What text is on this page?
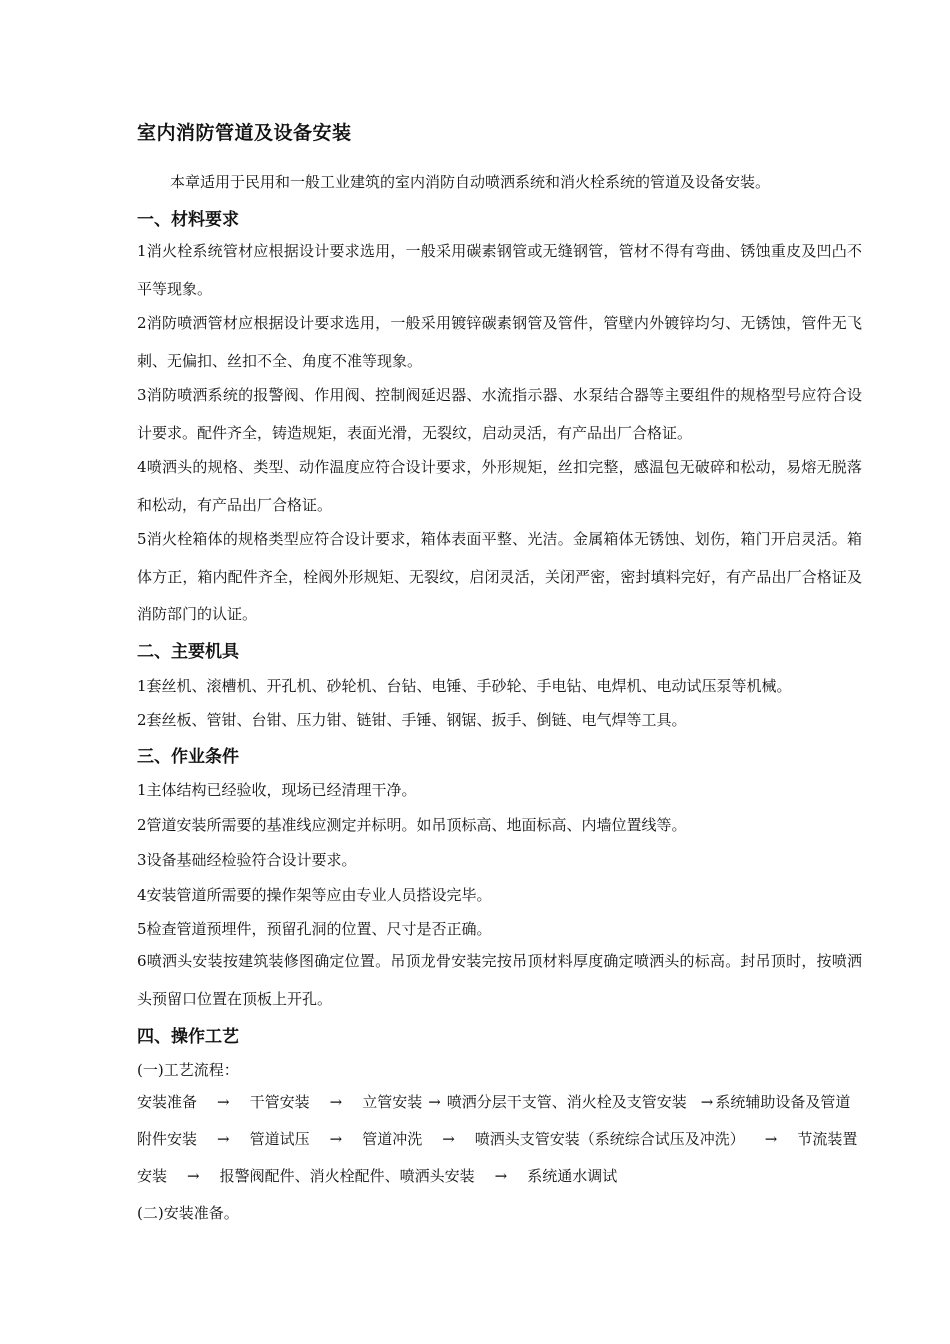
室内消防管道及设备安装

本章适用于民用和一般工业建筑的室内消防自动喷洒系统和消火栓系统的管道及设备安装。

一、材料要求

1消火栓系统管材应根据设计要求选用，一般采用碳素钢管或无缝钢管，管材不得有弯曲、锈蚀重皮及凹凸不平等现象。

2消防喷洒管材应根据设计要求选用，一般采用镀锌碳素钢管及管件，管壁内外镀锌均匀、无锈蚀，管件无飞刺、无偏扣、丝扣不全、角度不准等现象。

3消防喷洒系统的报警阀、作用阀、控制阀延迟器、水流指示器、水泵结合器等主要组件的规格型号应符合设计要求。配件齐全，铸造规矩，表面光滑，无裂纹，启动灵活，有产品出厂合格证。

4喷洒头的规格、类型、动作温度应符合设计要求，外形规矩，丝扣完整，感温包无破碎和松动，易熔无脱落和松动，有产品出厂合格证。

5消火栓箱体的规格类型应符合设计要求，箱体表面平整、光洁。金属箱体无锈蚀、划伤，箱门开启灵活。箱体方正，箱内配件齐全，栓阀外形规矩、无裂纹，启闭灵活，关闭严密，密封填料完好，有产品出厂合格证及消防部门的认证。

二、主要机具

1套丝机、滚槽机、开孔机、砂轮机、台钻、电锤、手砂轮、手电钻、电焊机、电动试压泵等机械。

2套丝板、管钳、台钳、压力钳、链钳、手锤、钢锯、扳手、倒链、电气焊等工具。

三、作业条件

1主体结构已经验收，现场已经清理干净。

2管道安装所需要的基准线应测定并标明。如吊顶标高、地面标高、内墙位置线等。

3设备基础经检验符合设计要求。

4安装管道所需要的操作架等应由专业人员搭设完毕。

5检查管道预埋件，预留孔洞的位置、尺寸是否正确。

6喷洒头安装按建筑装修图确定位置。吊顶龙骨安装完按吊顶材料厚度确定喷洒头的标高。封吊顶时，按喷洒头预留口位置在顶板上开孔。

四、操作工艺

(一)工艺流程：

安装准备 → 干管安装 → 立管安装 → 喷洒分层干支管、消火栓及支管安装 → 系统辅助设备及管道附件安装 → 管道试压 → 管道冲洗 → 喷洒头支管安装（系统综合试压及冲洗） → 节流装置安装 → 报警阀配件、消火栓配件、喷洒头安装 → 系统通水调试

(二)安装准备。
